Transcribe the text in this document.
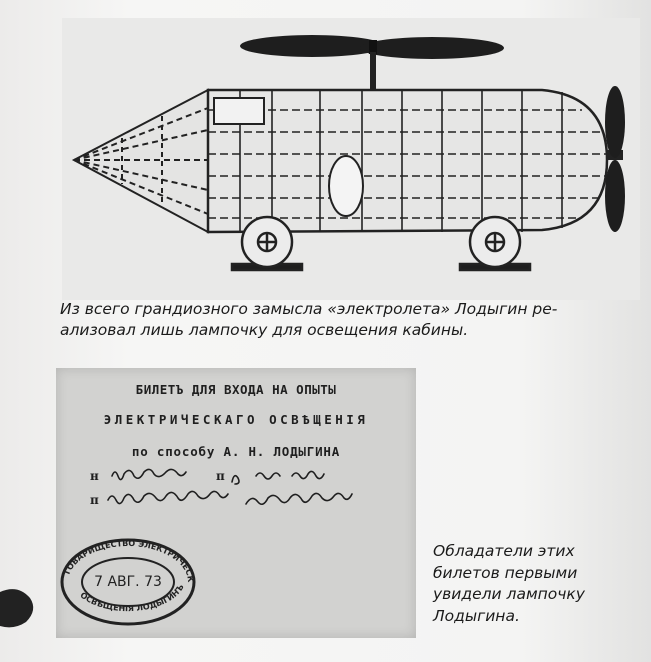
Из всего грандиозного замысла «электролета» Лодыгин ре-
ализовал лишь лампочку для освещения кабины.
БИЛЕТЪ ДЛЯ ВХОДА НА ОПЫТЫ
ЭЛЕКТРИЧЕСКАГО ОСВѢЩЕНІЯ
по способу А. Н. ЛОДЫГИНА
н	п
п
ТОВАРИЩЕСТВО ЭЛЕКТРИЧЕСК
ОСВѢЩЕНІЯ ЛОДЫГИНЪ
7 АВГ. 73
Обладатели этих
билетов первыми
увидели лампочку
Лодыгина.
